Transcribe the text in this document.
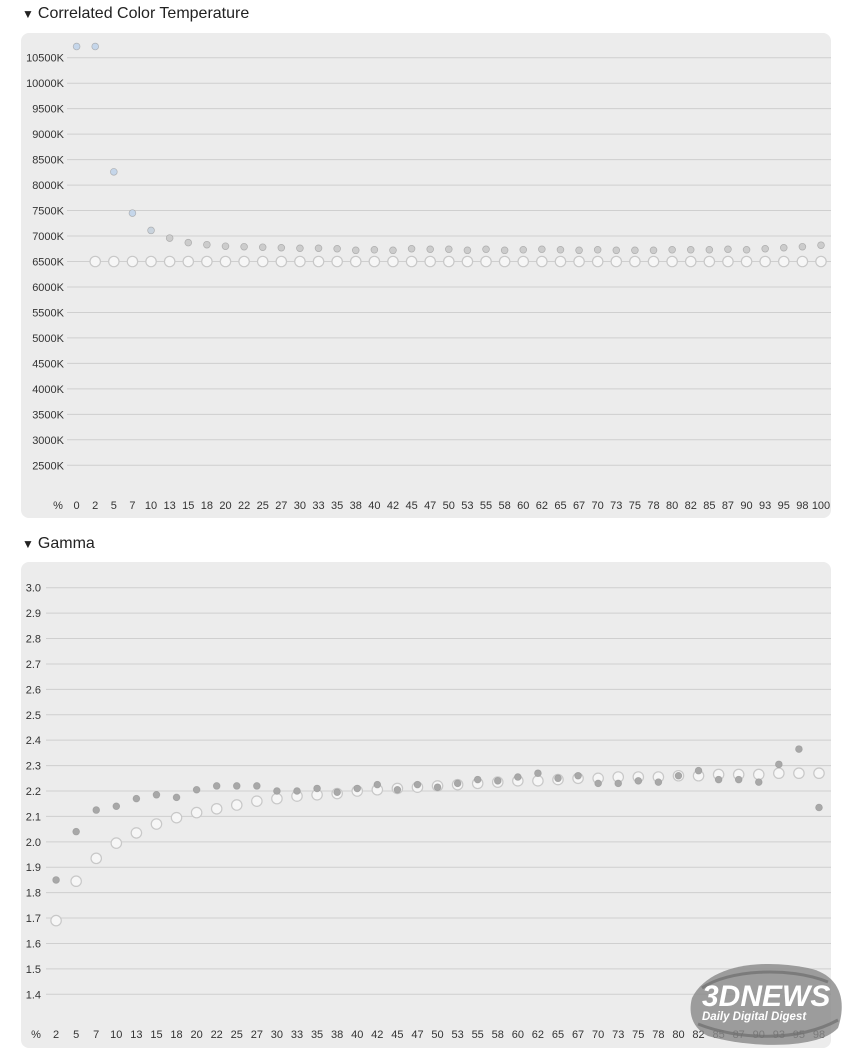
▼ Correlated Color Temperature
2500K
3000K
3500K
4000K
4500K
5000K
5500K
6000K
6500K
7000K
7500K
8000K
8500K
9000K
9500K
10000K
10500K
% 0 2 5 7 10 13 15 18 20 22 25 27 30 33 35 38 40 42 45 47 50 53 55 58 60 62 65 67 70 73 75 78 80 82 85 87 90 93 95 98 100
▼ Gamma
1.4
1.5
1.6
1.7
1.8
1.9
2.0
2.1
2.2
2.3
2.4
2.5
2.6
2.7
2.8
2.9
3.0
% 2 5 7 10 13 15 18 20 22 25 27 30 33 35 38 40 42 45 47 50 53 55 58 60 62 65 67 70 73 75 78 80 82
3DNEWS
Daily Digital Digest
